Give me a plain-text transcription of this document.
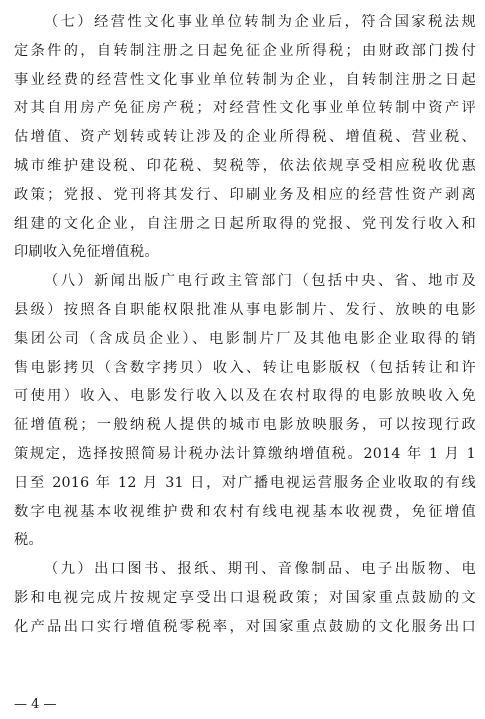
（七）经营性文化事业单位转制为企业后，符合国家税法规
定条件的，自转制注册之日起免征企业所得税；由财政部门拨付
事业经费的经营性文化事业单位转制为企业，自转制注册之日起
对其自用房产免征房产税；对经营性文化事业单位转制中资产评
估增值、资产划转或转让涉及的企业所得税、增值税、营业税、
城市维护建设税、印花税、契税等，依法依规享受相应税收优惠
政策；党报、党刊将其发行、印刷业务及相应的经营性资产剥离
组建的文化企业，自注册之日起所取得的党报、党刊发行收入和
印刷收入免征增值税。
（八）新闻出版广电行政主管部门（包括中央、省、地市及
县级）按照各自职能权限批准从事电影制片、发行、放映的电影
集团公司（含成员企业）、电影制片厂及其他电影企业取得的销
售电影拷贝（含数字拷贝）收入、转让电影版权（包括转让和许
可使用）收入、电影发行收入以及在农村取得的电影放映收入免
征增值税；一般纳税人提供的城市电影放映服务，可以按现行政
策规定，选择按照简易计税办法计算缴纳增值税。2014 年 1 月 1
日至 2016 年 12 月 31 日，对广播电视运营服务企业收取的有线
数字电视基本收视维护费和农村有线电视基本收视费，免征增值
税。
（九）出口图书、报纸、期刊、音像制品、电子出版物、电
影和电视完成片按规定享受出口退税政策；对国家重点鼓励的文
化产品出口实行增值税零税率，对国家重点鼓励的文化服务出口
— 4 —
